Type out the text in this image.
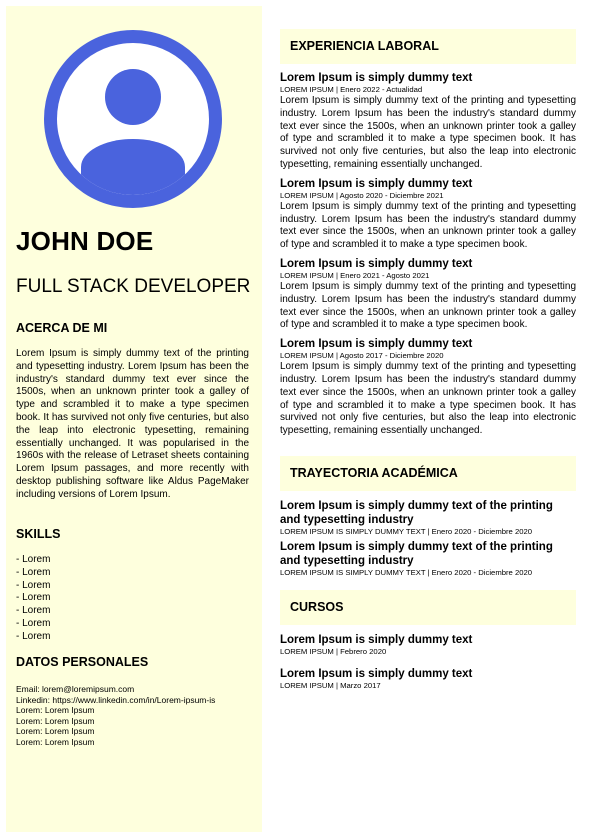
JOHN DOE
FULL STACK DEVELOPER
ACERCA DE MI

Lorem Ipsum is simply dummy text of the printing and typesetting industry. Lorem Ipsum has been the industry's standard dummy text ever since the 1500s, when an unknown printer took a galley of type and scrambled it to make a type specimen book. It has survived not only five centuries, but also the leap into electronic typesetting, remaining essentially unchanged. It was popularised in the 1960s with the release of Letraset sheets containing Lorem Ipsum passages, and more recently with desktop publishing software like Aldus PageMaker including versions of Lorem Ipsum.

SKILLS
- Lorem
- Lorem
- Lorem
- Lorem
- Lorem
- Lorem
- Lorem
DATOS PERSONALES
Email: lorem@loremipsum.com
Linkedin: https://www.linkedin.com/in/Lorem-ipsum-is
Lorem: Lorem Ipsum
Lorem: Lorem Ipsum
Lorem: Lorem Ipsum
Lorem: Lorem Ipsum
EXPERIENCIA LABORAL
Lorem Ipsum is simply dummy text
LOREM IPSUM | Enero 2022 - Actualidad
Lorem Ipsum is simply dummy text of the printing and typesetting industry. Lorem Ipsum has been the industry's standard dummy text ever since the 1500s, when an unknown printer took a galley of type and scrambled it to make a type specimen book. It has survived not only five centuries, but also the leap into electronic typesetting, remaining essentially unchanged.
Lorem Ipsum is simply dummy text
LOREM IPSUM | Agosto 2020 - Diciembre 2021
Lorem Ipsum is simply dummy text of the printing and typesetting industry. Lorem Ipsum has been the industry's standard dummy text ever since the 1500s, when an unknown printer took a galley of type and scrambled it to make a type specimen book.
Lorem Ipsum is simply dummy text
LOREM IPSUM | Enero 2021 - Agosto 2021
Lorem Ipsum is simply dummy text of the printing and typesetting industry. Lorem Ipsum has been the industry's standard dummy text ever since the 1500s, when an unknown printer took a galley of type and scrambled it to make a type specimen book.
Lorem Ipsum is simply dummy text
LOREM IPSUM | Agosto 2017 - Diciembre 2020
Lorem Ipsum is simply dummy text of the printing and typesetting industry. Lorem Ipsum has been the industry's standard dummy text ever since the 1500s, when an unknown printer took a galley of type and scrambled it to make a type specimen book. It has survived not only five centuries, but also the leap into electronic typesetting, remaining essentially unchanged.
TRAYECTORIA ACADÉMICA
Lorem Ipsum is simply dummy text of the printing and typesetting industry
LOREM IPSUM IS SIMPLY DUMMY TEXT | Enero 2020 - Diciembre 2020
Lorem Ipsum is simply dummy text of the printing and typesetting industry
LOREM IPSUM IS SIMPLY DUMMY TEXT | Enero 2020 - Diciembre 2020
CURSOS
Lorem Ipsum is simply dummy text
LOREM IPSUM | Febrero 2020
Lorem Ipsum is simply dummy text
LOREM IPSUM | Marzo 2017
